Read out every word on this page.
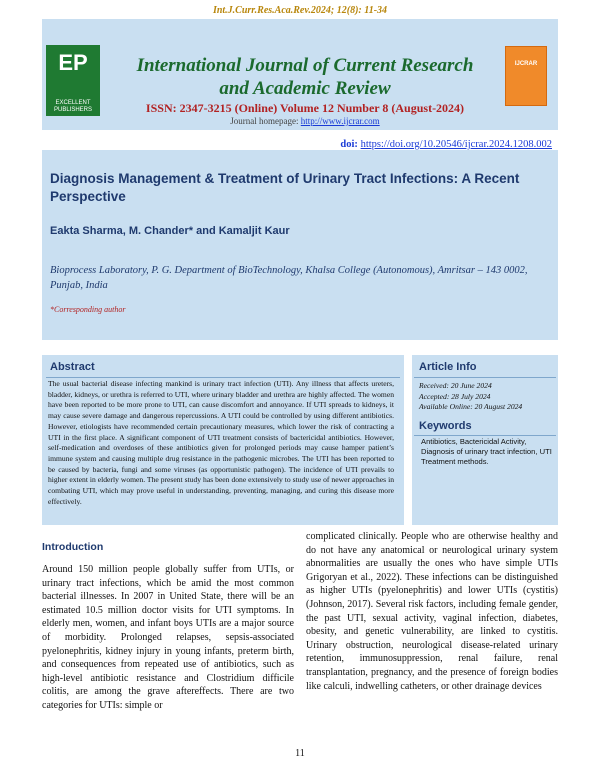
Int.J.Curr.Res.Aca.Rev.2024; 12(8): 11-34
EP
EXCELLENT PUBLISHERS
IJCRAR
International Journal of Current Research
and Academic Review
ISSN: 2347-3215 (Online) Volume 12 Number 8 (August-2024)
Journal homepage: http://www.ijcrar.com
doi: https://doi.org/10.20546/ijcrar.2024.1208.002
Diagnosis Management & Treatment of Urinary Tract Infections: A Recent Perspective
Eakta Sharma, M. Chander* and Kamaljit Kaur
Bioprocess Laboratory, P. G. Department of BioTechnology, Khalsa College (Autonomous), Amritsar – 143 0002, Punjab, India
*Corresponding author
Abstract
The usual bacterial disease infecting mankind is urinary tract infection (UTI). Any illness that affects ureters, bladder, kidneys, or urethra is referred to UTI, where urinary bladder and urethra are highly affected. The women have been reported to be more prone to UTI, can cause discomfort and annoyance. If UTI spreads to kidneys, it may cause severe damage and dangerous repercussions. A UTI could be controlled by using different antibiotics. However, etiologists have recommended certain precautionary measures, which lower the risk of contracting a UTI in the first place. A significant component of UTI treatment consists of bactericidal antibiotics. However, self-medication and overdoses of these antibiotics given for prolonged periods may cause hamper patient’s immune system and causing multiple drug resistance in the pathogenic microbes. The UTI has been reported to be caused by bacteria, fungi and some viruses (as opportunistic pathogen). The incidence of UTI prevails to higher extent in elderly women. The present study has been done extensively to study use of newer approaches in combating UTI, which may prove useful in understanding, preventing, managing, and curing this disease more effectively.
Article Info
Received: 20 June 2024
Accepted: 28 July 2024
Available Online: 20 August 2024
Keywords
Antibiotics, Bactericidal Activity, Diagnosis of urinary tract infection, UTI Treatment methods.
Introduction
Around 150 million people globally suffer from UTIs, or urinary tract infections, which be amid the most common bacterial illnesses. In 2007 in United State, there will be an estimated 10.5 million doctor visits for UTI symptoms. In elderly men, women, and infant boys UTIs are a major source of morbidity. Prolonged relapses, sepsis-associated pyelonephritis, kidney injury in young infants, preterm birth, and consequences from repeated use of antibiotics, such as high-level antibiotic resistance and Clostridium difficile colitis, are among the grave aftereffects. There are two categories for UTIs: simple or
complicated clinically. People who are otherwise healthy and do not have any anatomical or neurological urinary system abnormalities are usually the ones who have simple UTIs Grigoryan et al., 2022). These infections can be distinguished as higher UTIs (pyelonephritis) and lower UTIs (cystitis) (Johnson, 2017). Several risk factors, including female gender, the past UTI, sexual activity, vaginal infection, diabetes, obesity, and genetic vulnerability, are linked to cystitis. Urinary obstruction, neurological disease-related urinary retention, immunosuppression, renal failure, renal transplantation, pregnancy, and the presence of foreign bodies like calculi, indwelling catheters, or other drainage devices
11
